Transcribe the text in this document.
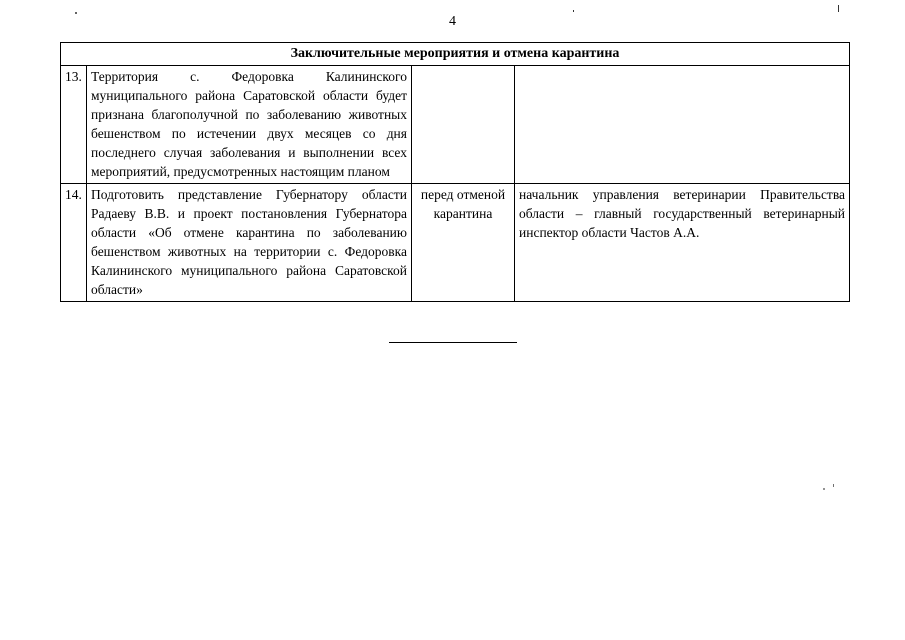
4
Заключительные мероприятия и отмена карантина			
13.	Территория с. Федоровка Калининского муниципального района Саратовской области будет признана благополучной по заболеванию животных бешенством по истечении двух месяцев со дня последнего случая заболевания и выполнении всех мероприятий, предусмотренных настоящим планом		
14.	Подготовить представление Губернатору области Радаеву В.В. и проект постановления Губернатора области «Об отмене карантина по заболеванию бешенством животных на территории с. Федоровка Калининского муниципального района Саратовской области»	перед отменой карантина	начальник управления ветеринарии Правительства области – главный государственный ветеринарный инспектор области Частов А.А.
